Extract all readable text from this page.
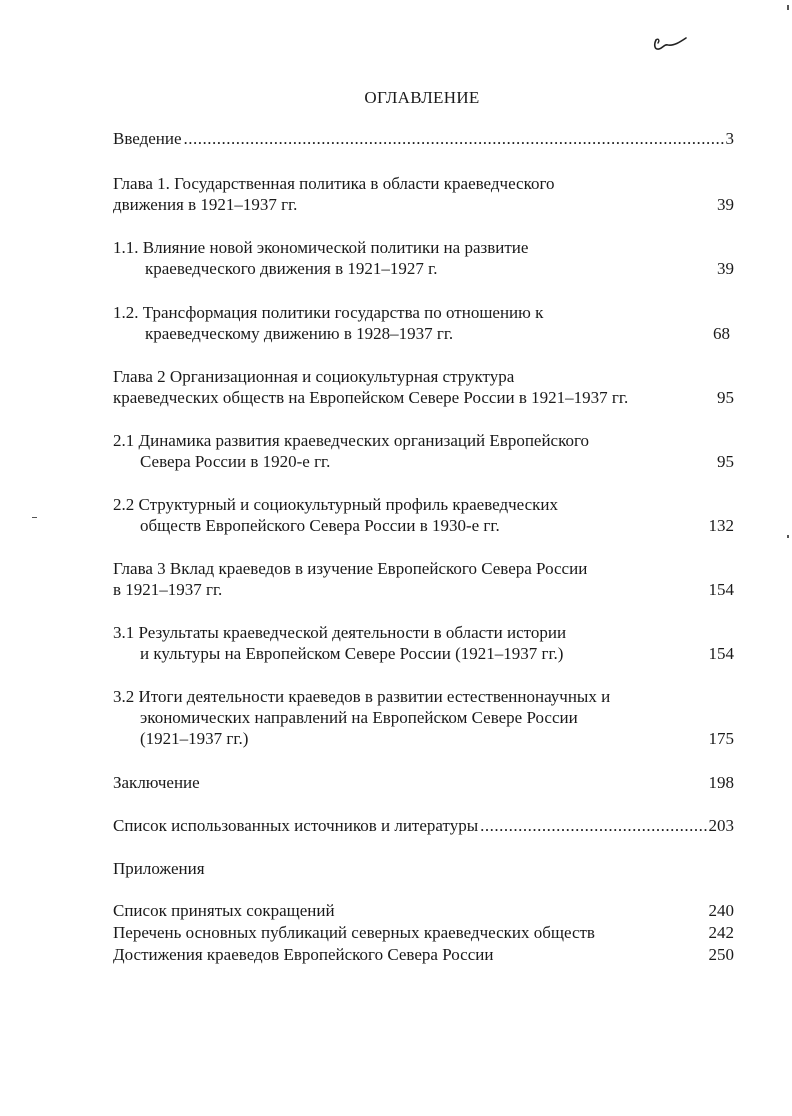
ОГЛАВЛЕНИЕ
Введение .....	3
Глава 1. Государственная политика в области краеведческого
движения в 1921–1937 гг.	39
1.1. Влияние новой экономической политики на развитие
краеведческого движения в 1921–1927 г.	39
1.2. Трансформация политики государства по отношению к
краеведческому движению в 1928–1937 гг.	68
Глава 2 Организационная и социокультурная структура
краеведческих обществ на Европейском Севере России в 1921–1937 гг.	95
2.1 Динамика развития краеведческих организаций Европейского
Севера России в 1920-е гг.	95
2.2 Структурный и социокультурный профиль краеведческих
обществ Европейского Севера России в 1930-е гг.	132
Глава 3 Вклад краеведов в изучение Европейского Севера России
в 1921–1937 гг.	154
3.1 Результаты краеведческой деятельности в области истории
и культуры на Европейском Севере России (1921–1937 гг.)	154
3.2 Итоги деятельности краеведов в развитии естественнонаучных и
экономических направлений на Европейском Севере России
(1921–1937 гг.)	175
Заключение	198
Список использованных источников и литературы .....	203
Приложения
Список принятых сокращений	240
Перечень основных публикаций северных краеведческих обществ	242
Достижения краеведов Европейского Севера России	250
